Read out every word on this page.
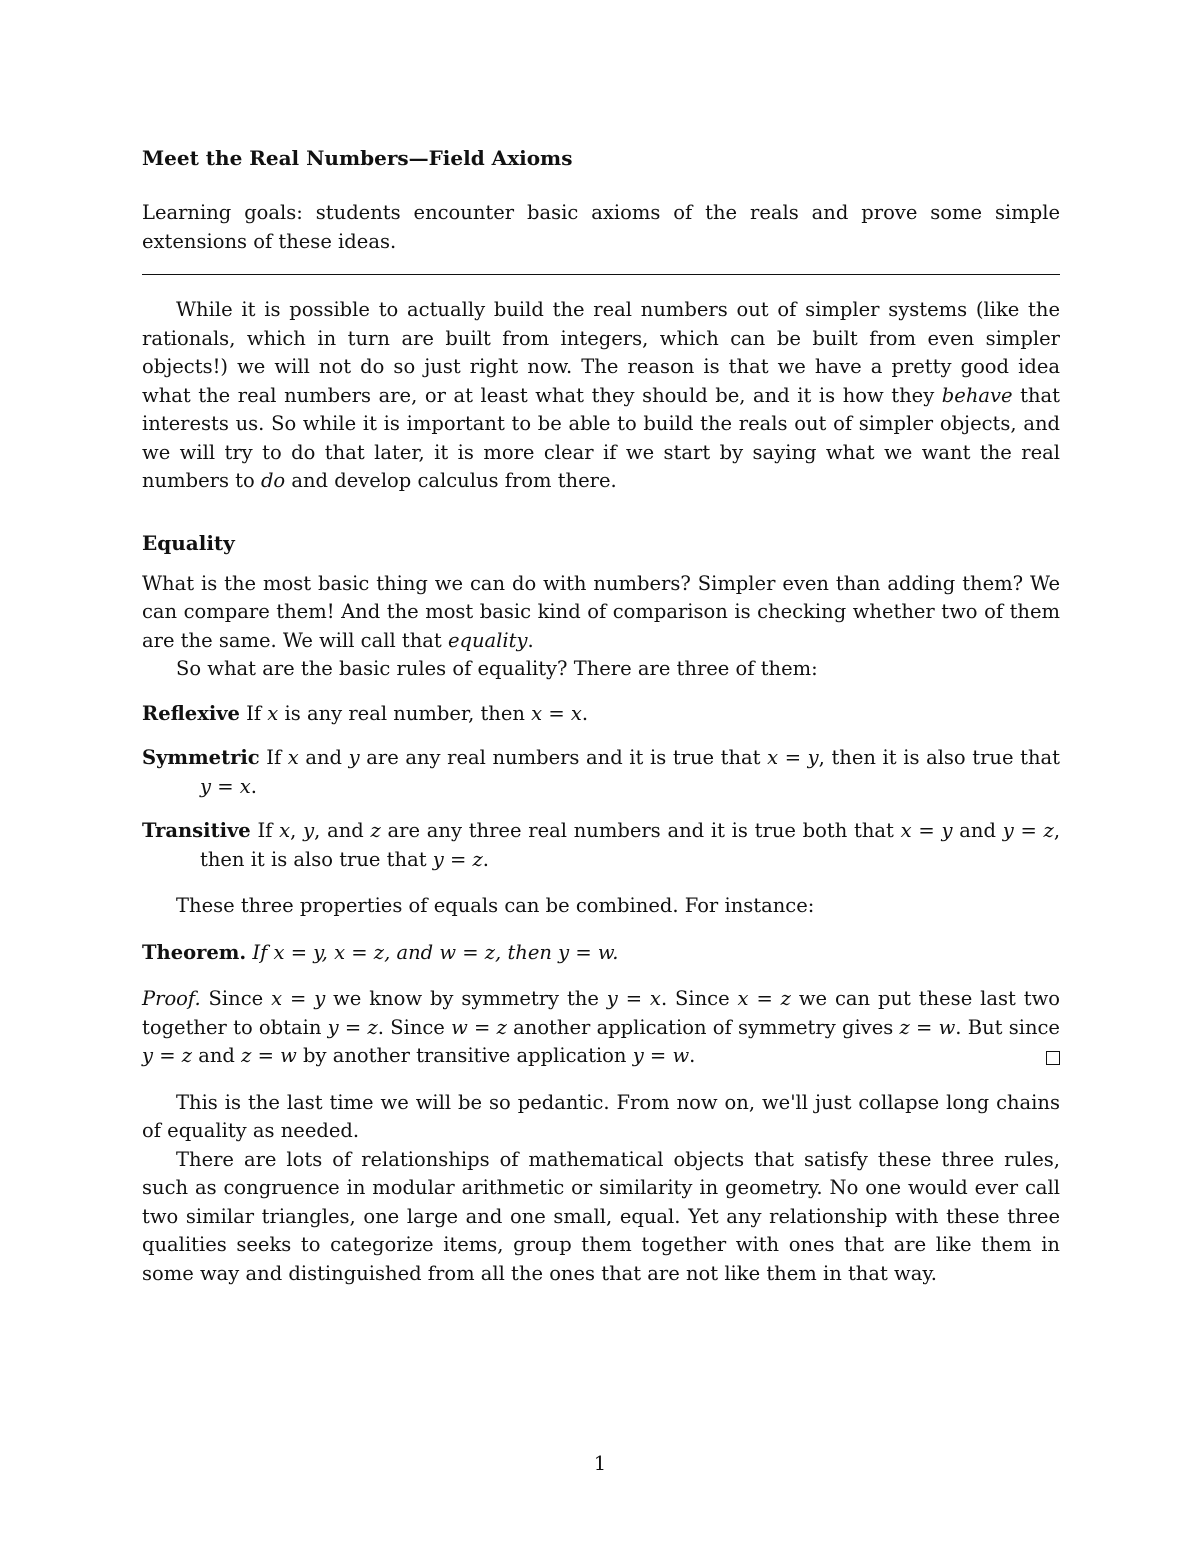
Meet the Real Numbers—Field Axioms

Learning goals: students encounter basic axioms of the reals and prove some simple extensions of these ideas.

While it is possible to actually build the real numbers out of simpler systems (like the rationals, which in turn are built from integers, which can be built from even simpler objects!) we will not do so just right now. The reason is that we have a pretty good idea what the real numbers are, or at least what they should be, and it is how they behave that interests us. So while it is important to be able to build the reals out of simpler objects, and we will try to do that later, it is more clear if we start by saying what we want the real numbers to do and develop calculus from there.

Equality

What is the most basic thing we can do with numbers? Simpler even than adding them? We can compare them! And the most basic kind of comparison is checking whether two of them are the same. We will call that equality.

So what are the basic rules of equality? There are three of them:

Reflexive If x is any real number, then x = x.

Symmetric If x and y are any real numbers and it is true that x = y, then it is also true that y = x.

Transitive If x, y, and z are any three real numbers and it is true both that x = y and y = z, then it is also true that y = z.

These three properties of equals can be combined. For instance:

Theorem. If x = y, x = z, and w = z, then y = w.

Proof. Since x = y we know by symmetry the y = x. Since x = z we can put these last two together to obtain y = z. Since w = z another application of symmetry gives z = w. But since y = z and z = w by another transitive application y = w.

This is the last time we will be so pedantic. From now on, we'll just collapse long chains of equality as needed.

There are lots of relationships of mathematical objects that satisfy these three rules, such as congruence in modular arithmetic or similarity in geometry. No one would ever call two similar triangles, one large and one small, equal. Yet any relationship with these three qualities seeks to categorize items, group them together with ones that are like them in some way and distinguished from all the ones that are not like them in that way.

1
